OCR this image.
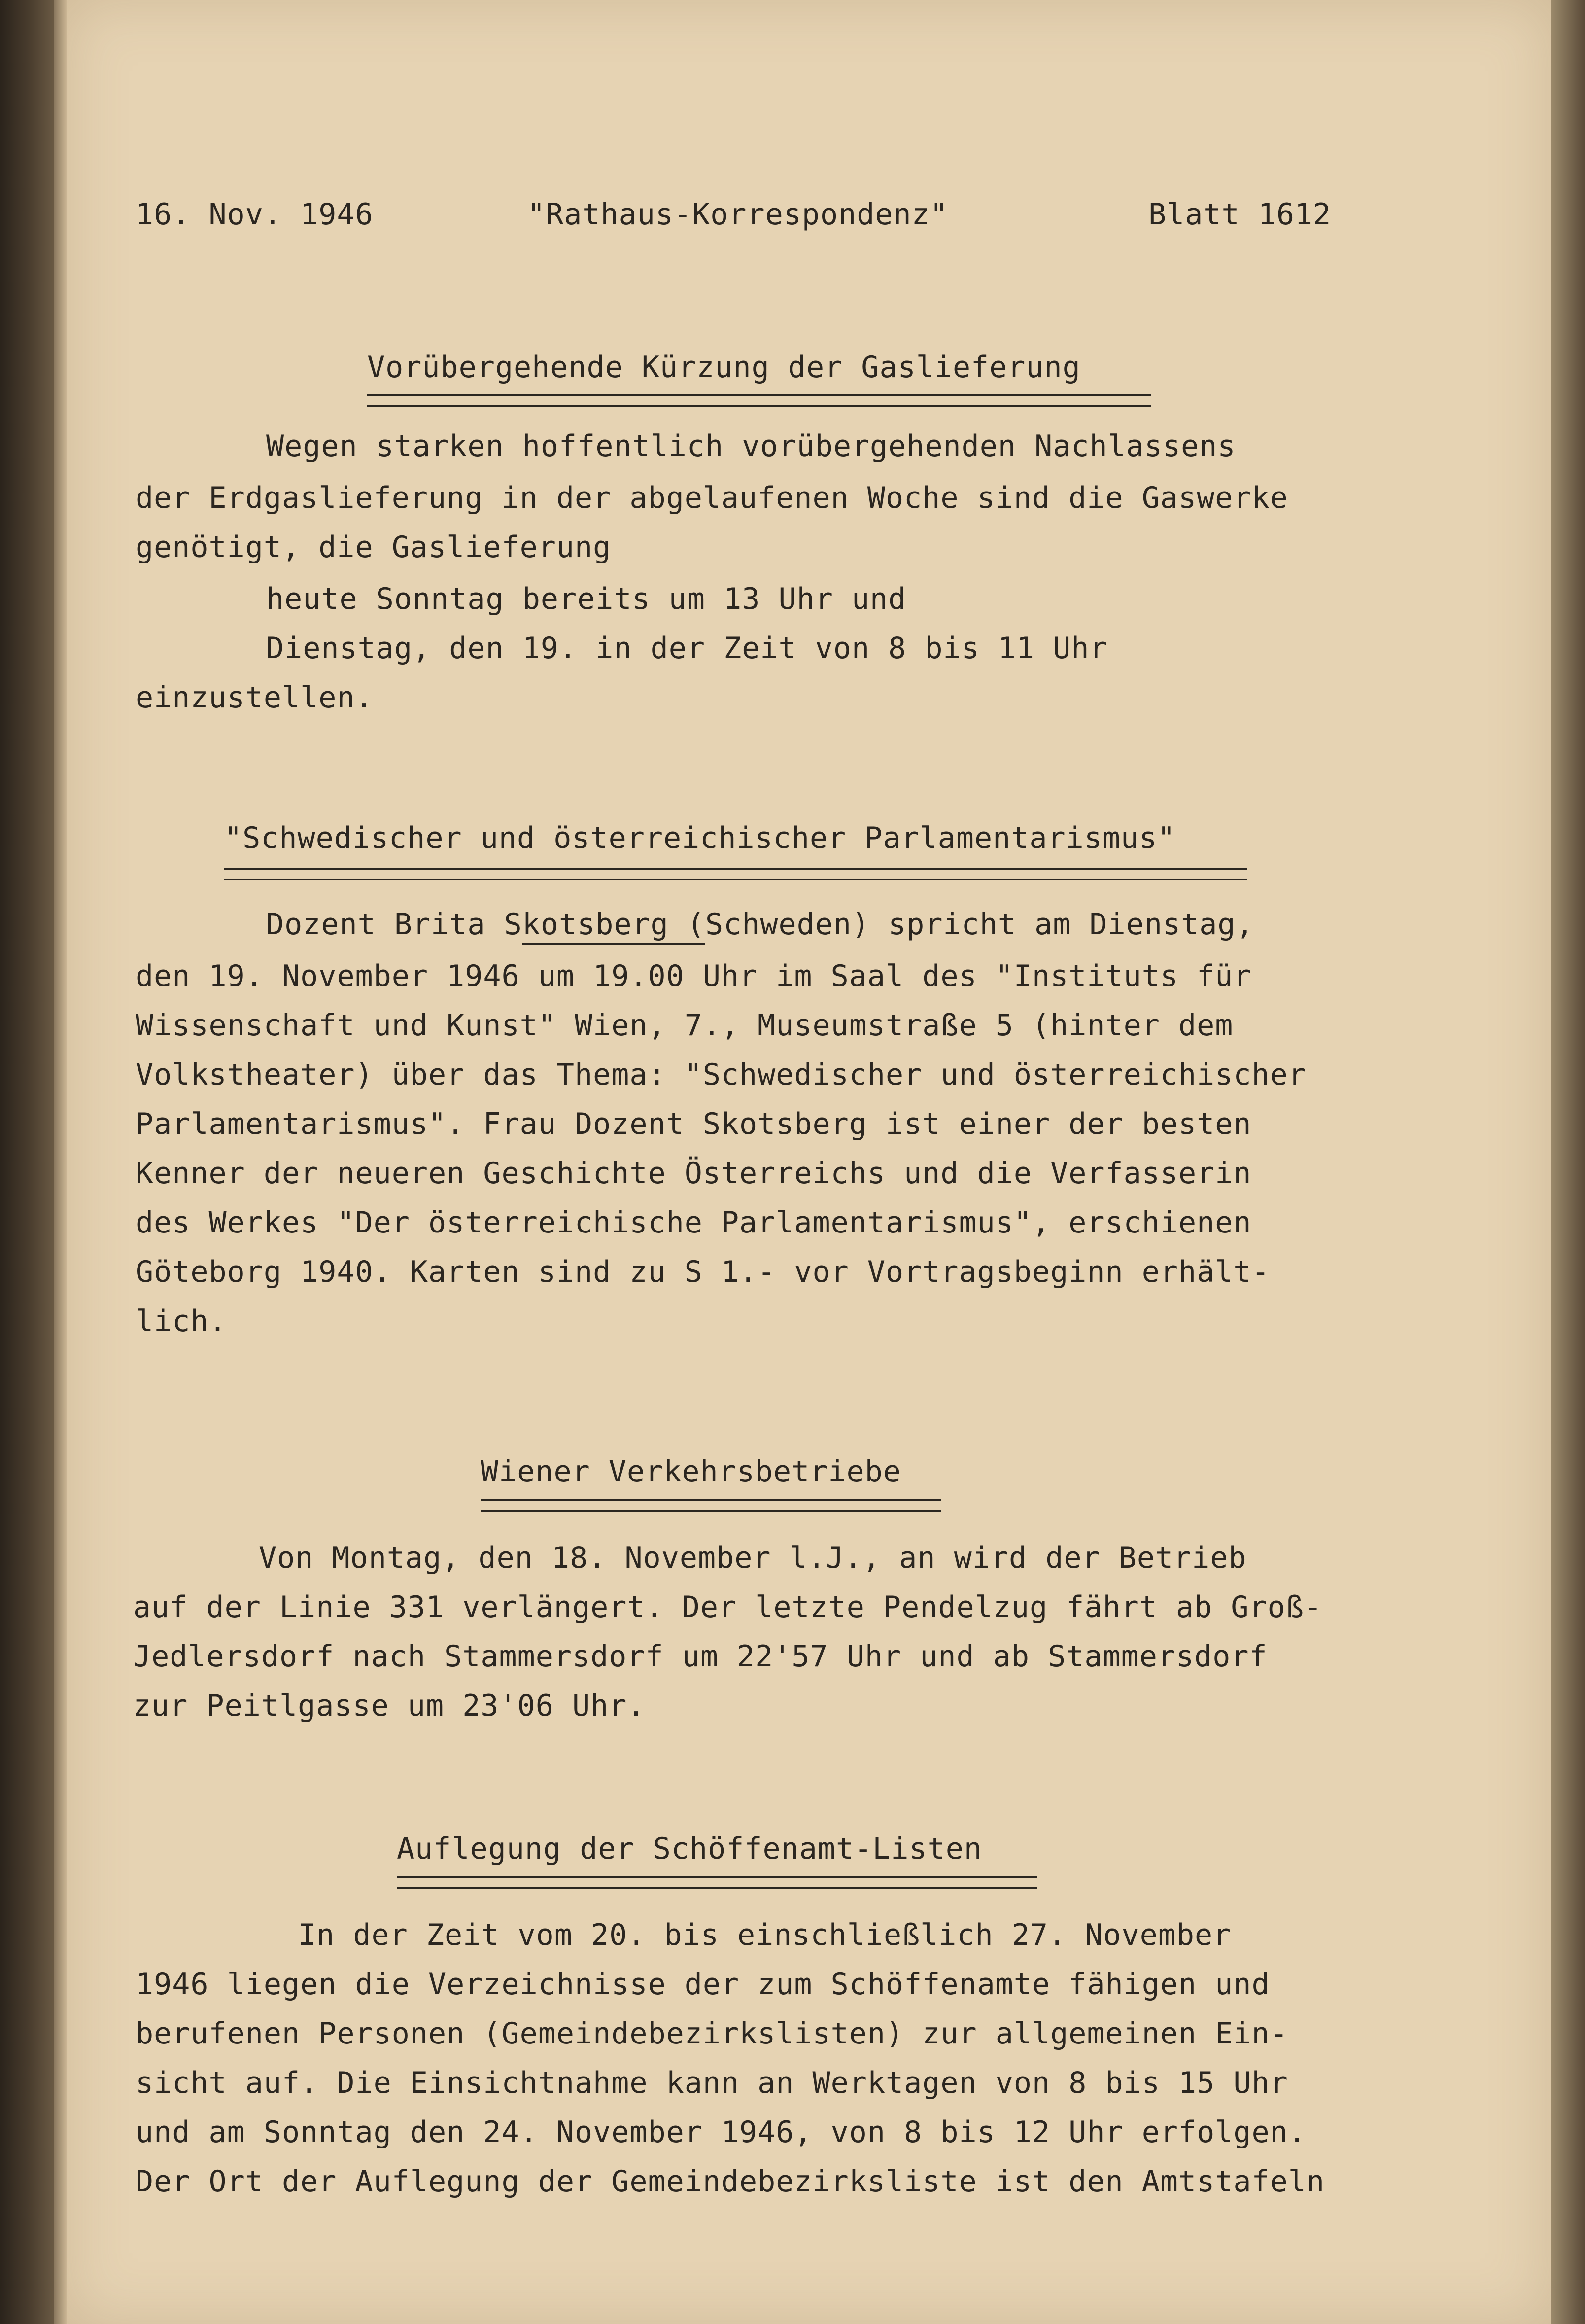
16. Nov. 1946	"Rathaus-Korrespondenz"	Blatt 1612
Vorübergehende Kürzung der Gaslieferung
Wegen starken hoffentlich vorübergehenden Nachlassens
der Erdgaslieferung in der abgelaufenen Woche sind die Gaswerke
genötigt, die Gaslieferung
heute Sonntag bereits um 13 Uhr und
Dienstag, den 19. in der Zeit von 8 bis 11 Uhr
einzustellen.
"Schwedischer und österreichischer Parlamentarismus"
Dozent Brita Skotsberg (Schweden) spricht am Dienstag,
den 19. November 1946 um 19.00 Uhr im Saal des "Instituts für
Wissenschaft und Kunst" Wien, 7., Museumstraße 5 (hinter dem
Volkstheater) über das Thema: "Schwedischer und österreichischer
Parlamentarismus". Frau Dozent Skotsberg ist einer der besten
Kenner der neueren Geschichte Österreichs und die Verfasserin
des Werkes "Der österreichische Parlamentarismus", erschienen
Göteborg 1940. Karten sind zu S 1.- vor Vortragsbeginn erhält-
lich.
Wiener Verkehrsbetriebe
Von Montag, den 18. November l.J., an wird der Betrieb
auf der Linie 331 verlängert. Der letzte Pendelzug fährt ab Groß-
Jedlersdorf nach Stammersdorf um 22'57 Uhr und ab Stammersdorf
zur Peitlgasse um 23'06 Uhr.
Auflegung der Schöffenamt-Listen
In der Zeit vom 20. bis einschließlich 27. November
1946 liegen die Verzeichnisse der zum Schöffenamte fähigen und
berufenen Personen (Gemeindebezirkslisten) zur allgemeinen Ein-
sicht auf. Die Einsichtnahme kann an Werktagen von 8 bis 15 Uhr
und am Sonntag den 24. November 1946, von 8 bis 12 Uhr erfolgen.
Der Ort der Auflegung der Gemeindebezirksliste ist den Amtstafeln
